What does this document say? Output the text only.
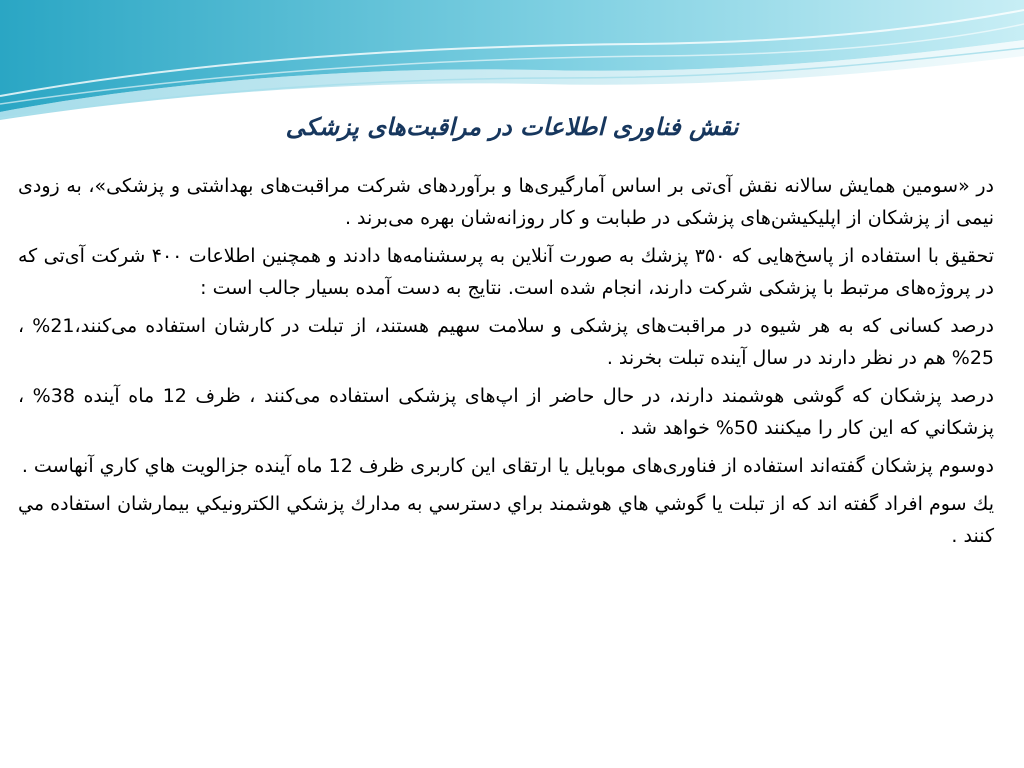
نقش فناوری اطلاعات در مراقبت‌های پزشکی

در «سومین همایش سالانه نقش آی‌تی بر اساس آمارگیری‌ها و برآوردهای شرکت مراقبت‌های بهداشتی و پزشکی»، به زودی نیمی از پزشکان از اپلیکیشن‌های پزشکی در طبابت و کار روزانه‌شان بهره می‌برند .

تحقیق با استفاده از پاسخ‌هایی که ۳۵۰ پزشك به صورت آنلاین به پرسشنامه‌ها دادند و همچنین اطلاعات ۴۰۰ شرکت آی‌تی که در پروژه‌های مرتبط با پزشکی شرکت دارند، انجام شده است. نتایج به دست آمده بسیار جالب است :

درصد کسانی که به هر شیوه در مراقبت‌های پزشکی و سلامت سهیم هستند، از تبلت در کارشان استفاده می‌کنند،21% ، 25% هم در نظر دارند در سال آینده تبلت بخرند .

درصد پزشکان که گوشی هوشمند دارند، در حال حاضر از اپ‌های پزشکی استفاده می‌کنند ، ظرف 12 ماه آینده 38% ، پزشكاني كه اين كار را ميكنند 50% خواهد شد .

دوسوم پزشکان گفته‌اند استفاده از فناوری‌های موبایل یا ارتقای این کاربری ظرف 12 ماه آینده جزالويت هاي كاري آنهاست .

يك سوم افراد گفته اند كه از تبلت يا گوشي هاي هوشمند براي دسترسي به مدارك پزشكي الكترونيكي بيمارشان استفاده مي كنند .
